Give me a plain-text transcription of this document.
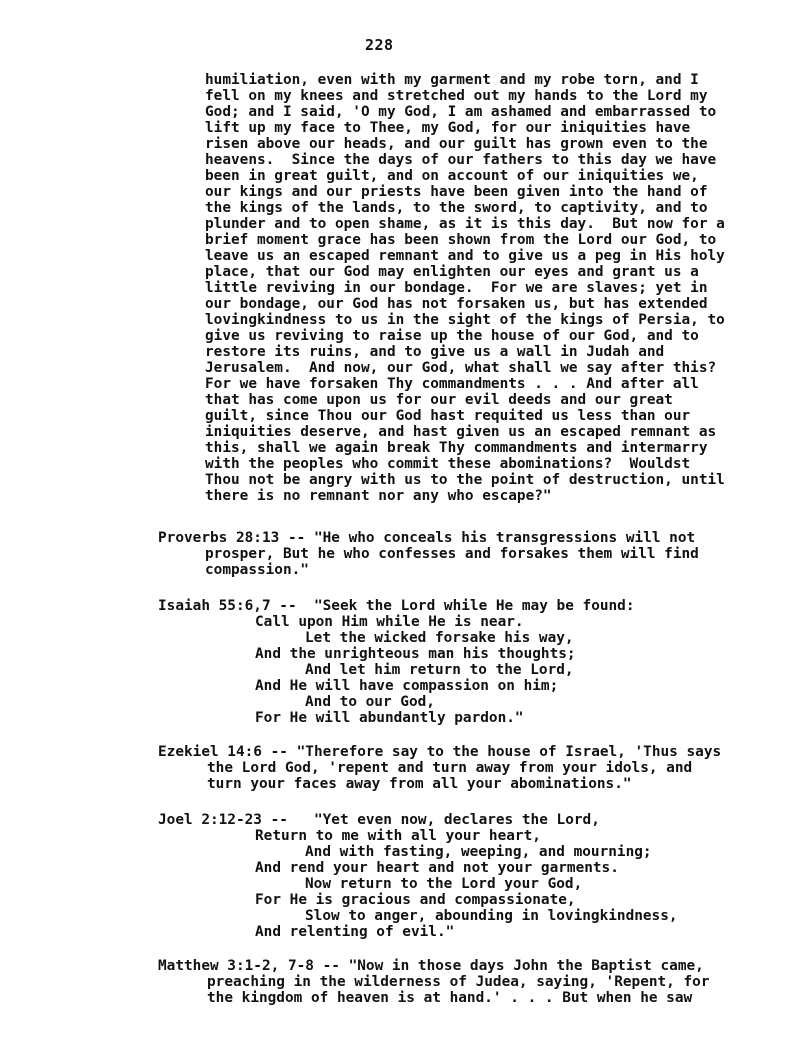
228
humiliation, even with my garment and my robe torn, and I
fell on my knees and stretched out my hands to the Lord my
God; and I said, 'O my God, I am ashamed and embarrassed to
lift up my face to Thee, my God, for our iniquities have
risen above our heads, and our guilt has grown even to the
heavens.  Since the days of our fathers to this day we have
been in great guilt, and on account of our iniquities we,
our kings and our priests have been given into the hand of
the kings of the lands, to the sword, to captivity, and to
plunder and to open shame, as it is this day.  But now for a
brief moment grace has been shown from the Lord our God, to
leave us an escaped remnant and to give us a peg in His holy
place, that our God may enlighten our eyes and grant us a
little reviving in our bondage.  For we are slaves; yet in
our bondage, our God has not forsaken us, but has extended
lovingkindness to us in the sight of the kings of Persia, to
give us reviving to raise up the house of our God, and to
restore its ruins, and to give us a wall in Judah and
Jerusalem.  And now, our God, what shall we say after this?
For we have forsaken Thy commandments . . . And after all
that has come upon us for our evil deeds and our great
guilt, since Thou our God hast requited us less than our
iniquities deserve, and hast given us an escaped remnant as
this, shall we again break Thy commandments and intermarry
with the peoples who commit these abominations?  Wouldst
Thou not be angry with us to the point of destruction, until
there is no remnant nor any who escape?"
Proverbs 28:13 -- "He who conceals his transgressions will not
prosper, But he who confesses and forsakes them will find
compassion."
Isaiah 55:6,7 --  "Seek the Lord while He may be found:
Call upon Him while He is near.
Let the wicked forsake his way,
And the unrighteous man his thoughts;
And let him return to the Lord,
And He will have compassion on him;
And to our God,
For He will abundantly pardon."
Ezekiel 14:6 -- "Therefore say to the house of Israel, 'Thus says
the Lord God, 'repent and turn away from your idols, and
turn your faces away from all your abominations."
Joel 2:12-23 --   "Yet even now, declares the Lord,
Return to me with all your heart,
And with fasting, weeping, and mourning;
And rend your heart and not your garments.
Now return to the Lord your God,
For He is gracious and compassionate,
Slow to anger, abounding in lovingkindness,
And relenting of evil."
Matthew 3:1-2, 7-8 -- "Now in those days John the Baptist came,
preaching in the wilderness of Judea, saying, 'Repent, for
the kingdom of heaven is at hand.' . . . But when he saw
